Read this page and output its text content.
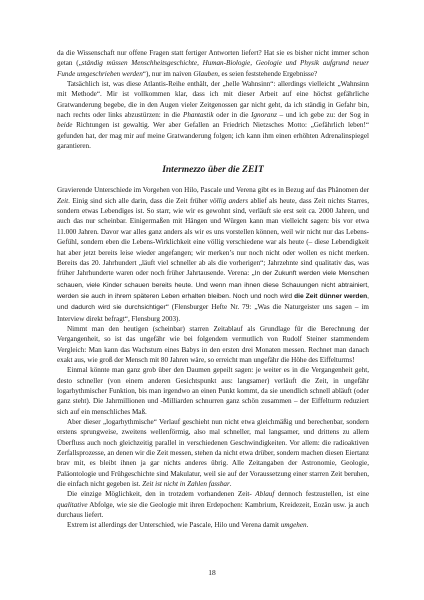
da die Wissenschaft nur offene Fragen statt fertiger Antworten liefert? Hat sie es bisher nicht immer schon getan („ständig müssen Menschheitsgeschichte, Human-Biologie, Geologie und Physik aufgrund neuer Funde umgeschrieben werden“), nur im naiven Glauben, es seien feststehende Ergebnisse?

Tatsächlich ist, was diese Atlantis-Reihe enthält, der „helle Wahnsinn“: allerdings vielleicht „Wahnsinn mit Methode“. Mir ist vollkommen klar, dass ich mit dieser Arbeit auf eine höchst gefährliche Gratwanderung begebe, die in den Augen vieler Zeitgenossen gar nicht geht, da ich ständig in Gefahr bin, nach rechts oder links abzustürzen: in die Phantastik oder in die Ignoranz – und ich gebe zu: der Sog in beide Richtungen ist gewaltig. Wer aber Gefallen an Friedrich Nietzsches Motto: „Gefährlich leben!“ gefunden hat, der mag mir auf meine Gratwanderung folgen; ich kann ihm einen erhöhten Adrenalinspiegel garantieren.

Intermezzo über die ZEIT

Gravierende Unterschiede im Vorgehen von Hilo, Pascale und Verena gibt es in Bezug auf das Phänomen der Zeit. Einig sind sich alle darin, dass die Zeit früher völlig anders ablief als heute, dass Zeit nichts Starres, sondern etwas Lebendiges ist. So starr, wie wir es gewohnt sind, verläuft sie erst seit ca. 2000 Jahren, und auch das nur scheinbar. Einigermaßen mit Hängen und Würgen kann man vielleicht sagen: bis vor etwa 11.000 Jahren. Davor war alles ganz anders als wir es uns vorstellen können, weil wir nicht nur das Lebens-Gefühl, sondern eben die Lebens-Wirklichkeit eine völlig verschiedene war als heute (– diese Lebendigkeit hat aber jetzt bereits leise wieder angefangen; wir merken’s nur noch nicht oder wollen es nicht merken. Bereits das 20. Jahrhundert „läuft viel schneller ab als die vorherigen“; Jahrzehnte sind qualitativ das, was früher Jahrhunderte waren oder noch früher Jahrtausende. Verena: „In der Zukunft werden viele Menschen schauen, viele Kinder schauen bereits heute. Und wenn man ihnen diese Schauungen nicht abtrainiert, werden sie auch in ihrem späteren Leben erhalten bleiben. Noch und noch wird die Zeit dünner werden, und dadurch wird sie durchsichtiger“ (Flensburger Hefte Nr. 79: „Was die Naturgeister uns sagen – im Interview direkt befragt“, Flensburg 2003).

Nimmt man den heutigen (scheinbar) starren Zeitablauf als Grundlage für die Berechnung der Vergangenheit, so ist das ungefähr wie bei folgendem vermutlich von Rudolf Steiner stammendem Vergleich: Man kann das Wachstum eines Babys in den ersten drei Monaten messen. Rechnet man danach exakt aus, wie groß der Mensch mit 80 Jahren wäre, so erreicht man ungefähr die Höhe des Eiffelturms!

Einmal könnte man ganz grob über den Daumen gepeilt sagen: je weiter es in die Vergangenheit geht, desto schneller (von einem anderen Gesichtspunkt aus: langsamer) verläuft die Zeit, in ungefähr logarhythmischer Funktion, bis man irgendwo an einen Punkt kommt, da sie unendlich schnell abläuft (oder ganz steht). Die Jahrmillionen und -Milliarden schnurren ganz schön zusammen – der Eiffelturm reduziert sich auf ein menschliches Maß.

Aber dieser „logarhythmische“ Verlauf geschieht nun nicht etwa gleichmäßig und berechenbar, sondern erstens sprungweise, zweitens wellenförmig, also mal schneller, mal langsamer, und drittens zu allem Überfluss auch noch gleichzeitig parallel in verschiedenen Geschwindigkeiten. Vor allem: die radioaktiven Zerfallsprozesse, an denen wir die Zeit messen, stehen da nicht etwa drüber, sondern machen diesen Eiertanz brav mit, es bleibt ihnen ja gar nichts anderes übrig. Alle Zeitangaben der Astronomie, Geologie, Paläontologie und Frühgeschichte sind Makulatur, weil sie auf der Voraussetzung einer starren Zeit beruhen, die einfach nicht gegeben ist. Zeit ist nicht in Zahlen fassbar.

Die einzige Möglichkeit, den in trotzdem vorhandenen Zeit- Ablauf dennoch festzustellen, ist eine qualitative Abfolge, wie sie die Geologie mit ihren Erdepochen: Kambrium, Kreidezeit, Eozän usw. ja auch durchaus liefert.

Extrem ist allerdings der Unterschied, wie Pascale, Hilo und Verena damit umgehen.

18
